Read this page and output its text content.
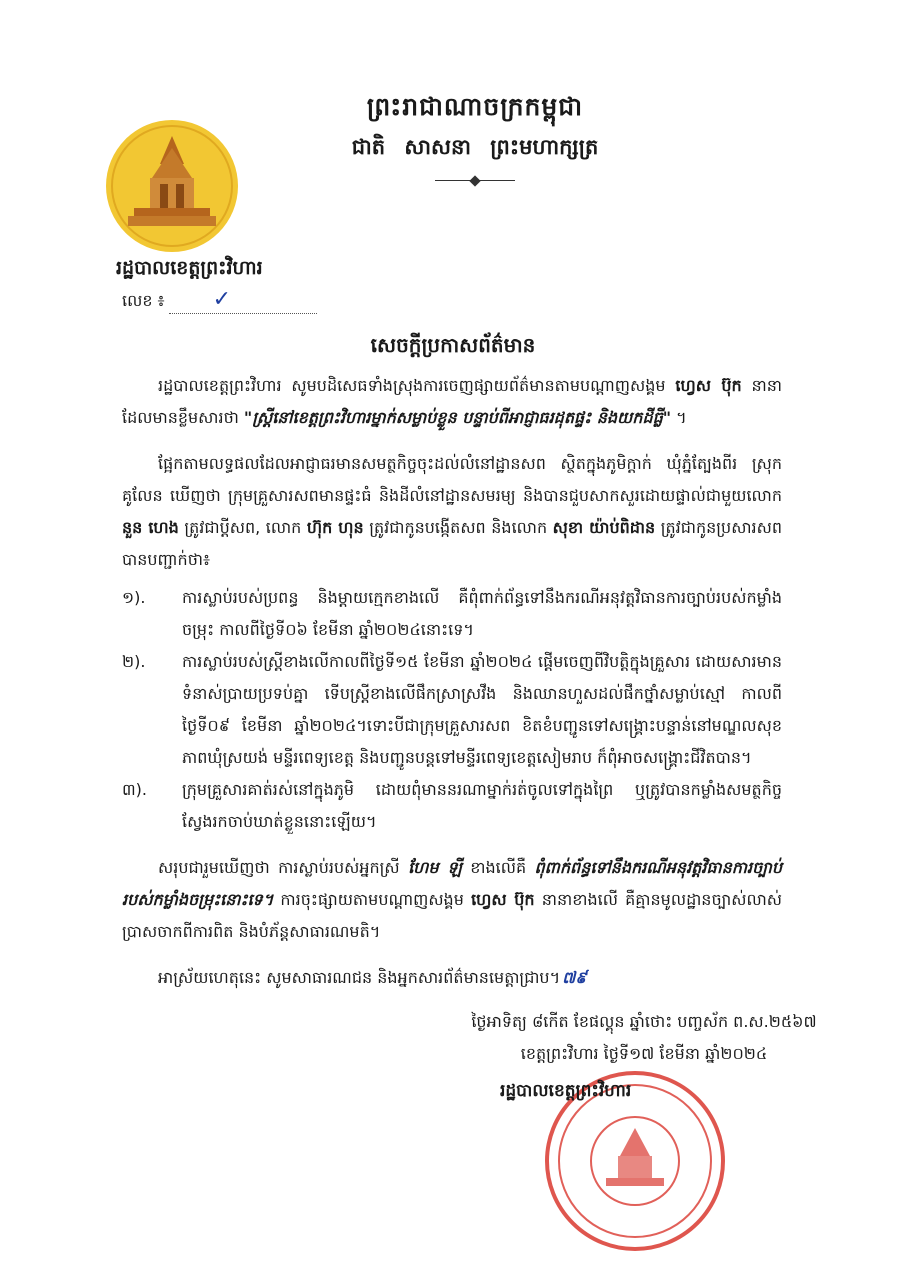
ព្រះរាជាណាចក្រកម្ពុជា
ជាតិ សាសនា ព្រះមហាក្សត្រ
រដ្ឋបាលខេត្តព្រះវិហារ
លេខ ៖ ✓
សេចក្តីប្រកាសព័ត៌មាន

រដ្ឋបាលខេត្តព្រះវិហារ សូមបដិសេធទាំងស្រុងការចេញផ្សាយព័ត៌មានតាមបណ្តាញសង្គម ហ្វេស ប៊ុក នានា ដែលមានខ្លឹមសារថា "ស្ត្រីនៅខេត្តព្រះវិហារម្នាក់សម្លាប់ខ្លួន បន្ទាប់ពីអាជ្ញាធរដុតផ្ទះ និងយកដីធ្លី" ។

ផ្អែកតាមលទ្ធផលដែលអាជ្ញាធរមានសមត្ថកិច្ចចុះដល់លំនៅដ្ឋានសព ស្ថិតក្នុងភូមិក្តាក់ ឃុំភ្នំត្បែងពីរ ស្រុកគូលែន ឃើញថា ក្រុមគ្រួសារសពមានផ្ទះធំ និងដីលំនៅដ្ឋានសមរម្យ និងបានជួបសាកសួរដោយផ្ទាល់ជាមួយលោក នួន ហេង ត្រូវជាប្តីសព, លោក ហ៊ុក ហុន ត្រូវជាកូនបង្កើតសព និងលោក សុខា យ៉ាប់ពិដាន ត្រូវជាកូនប្រសារសព បានបញ្ជាក់ថា៖

១).	ការស្លាប់របស់ប្រពន្ធ និងម្តាយក្មេកខាងលើ គឺពុំពាក់ព័ន្ធទៅនឹងករណីអនុវត្តវិធានការច្បាប់របស់កម្លាំងចម្រុះ កាលពីថ្ងៃទី០៦ ខែមីនា ឆ្នាំ២០២៤នោះទេ។
២).	ការស្លាប់របស់ស្ត្រីខាងលើកាលពីថ្ងៃទី១៥ ខែមីនា ឆ្នាំ២០២៤ ផ្តើមចេញពីវិបត្តិក្នុងគ្រួសារ ដោយសារមានទំនាស់ប្រាយប្រទប់គ្នា ទើបស្ត្រីខាងលើផឹកស្រាស្រវឹង និងឈានហួសដល់ផឹកថ្នាំសម្លាប់ស្មៅ កាលពីថ្ងៃទី០៩ ខែមីនា ឆ្នាំ២០២៤។ទោះបីជាក្រុមគ្រួសារសព ខិតខំបញ្ជូនទៅសង្គ្រោះបន្ទាន់នៅមណ្ឌលសុខភាពឃុំស្រយង់ មន្ទីរពេទ្យខេត្ត និងបញ្ជូនបន្តទៅមន្ទីរពេទ្យខេត្តសៀមរាប ក៏ពុំអាចសង្គ្រោះជីវិតបាន។
៣).	ក្រុមគ្រួសារគាត់រស់នៅក្នុងភូមិ ដោយពុំមាននរណាម្នាក់រត់ចូលទៅក្នុងព្រៃ ឬត្រូវបានកម្លាំងសមត្ថកិច្ចស្វែងរកចាប់ឃាត់ខ្លួននោះឡើយ។

សរុបជារួមឃើញថា ការស្លាប់របស់អ្នកស្រី ហែម ឡី ខាងលើគឺ ពុំពាក់ព័ន្ធទៅនឹងករណីអនុវត្តវិធានការច្បាប់របស់កម្លាំងចម្រុះនោះទេ។ ការចុះផ្សាយតាមបណ្តាញសង្គម ហ្វេស ប៊ុក នានាខាងលើ គឺគ្មានមូលដ្ឋានច្បាស់លាស់ ប្រាសចាកពីការពិត និងបំភ័ន្តសាធារណមតិ។

អាស្រ័យហេតុនេះ សូមសាធារណជន និងអ្នកសារព័ត៌មានមេត្តាជ្រាប។ ៧៩

ថ្ងៃអាទិត្យ ៨កើត ខែផល្គុន ឆ្នាំថោះ បញ្ចស័ក ព.ស.២៥៦៧
ខេត្តព្រះវិហារ ថ្ងៃទី១៧ ខែមីនា ឆ្នាំ២០២៤
រដ្ឋបាលខេត្តព្រះវិហារ
